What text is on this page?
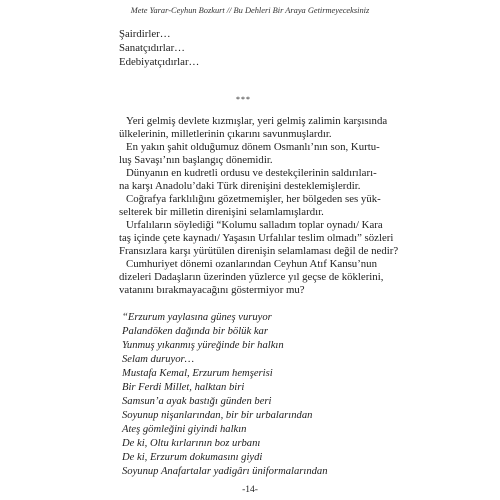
Mete Yarar-Ceyhun Bozkurt // Bu Dehleri Bir Araya Getirmeyeceksiniz
Şairdirler…
Sanatçıdırlar…
Edebiyatçıdırlar…
***
Yeri gelmiş devlete kızmışlar, yeri gelmiş zalimin karşısında
ülkelerinin, milletlerinin çıkarını savunmuşlardır.
En yakın şahit olduğumuz dönem Osmanlı’nın son, Kurtu-
luş Savaşı’nın başlangıç dönemidir.
Dünyanın en kudretli ordusu ve destekçilerinin saldırıları-
na karşı Anadolu’daki Türk direnişini desteklemişlerdir.
Coğrafya farklılığını gözetmemişler, her bölgeden ses yük-
selterek bir milletin direnişini selamlamışlardır.
Urfalıların söylediği “Kolumu salladım toplar oynadı/ Kara
taş içinde çete kaynadı/ Yaşasın Urfalılar teslim olmadı” sözleri
Fransızlara karşı yürütülen direnişin selamlaması değil de nedir?
Cumhuriyet dönemi ozanlarından Ceyhun Atıf Kansu’nun
dizeleri Dadaşların üzerinden yüzlerce yıl geçse de köklerini,
vatanını bırakmayacağını göstermiyor mu?
“Erzurum yaylasına güneş vuruyor
Palandöken dağında bir bölük kar
Yunmuş yıkanmış yüreğinde bir halkın
Selam duruyor…
Mustafa Kemal, Erzurum hemşerisi
Bir Ferdi Millet, halktan biri
Samsun’a ayak bastığı günden beri
Soyunup nişanlarından, bir bir urbalarından
Ateş gömleğini giyindi halkın
De ki, Oltu kırlarının boz urbanı
De ki, Erzurum dokumasını giydi
Soyunup Anafartalar yadigârı üniformalarından
-14-
